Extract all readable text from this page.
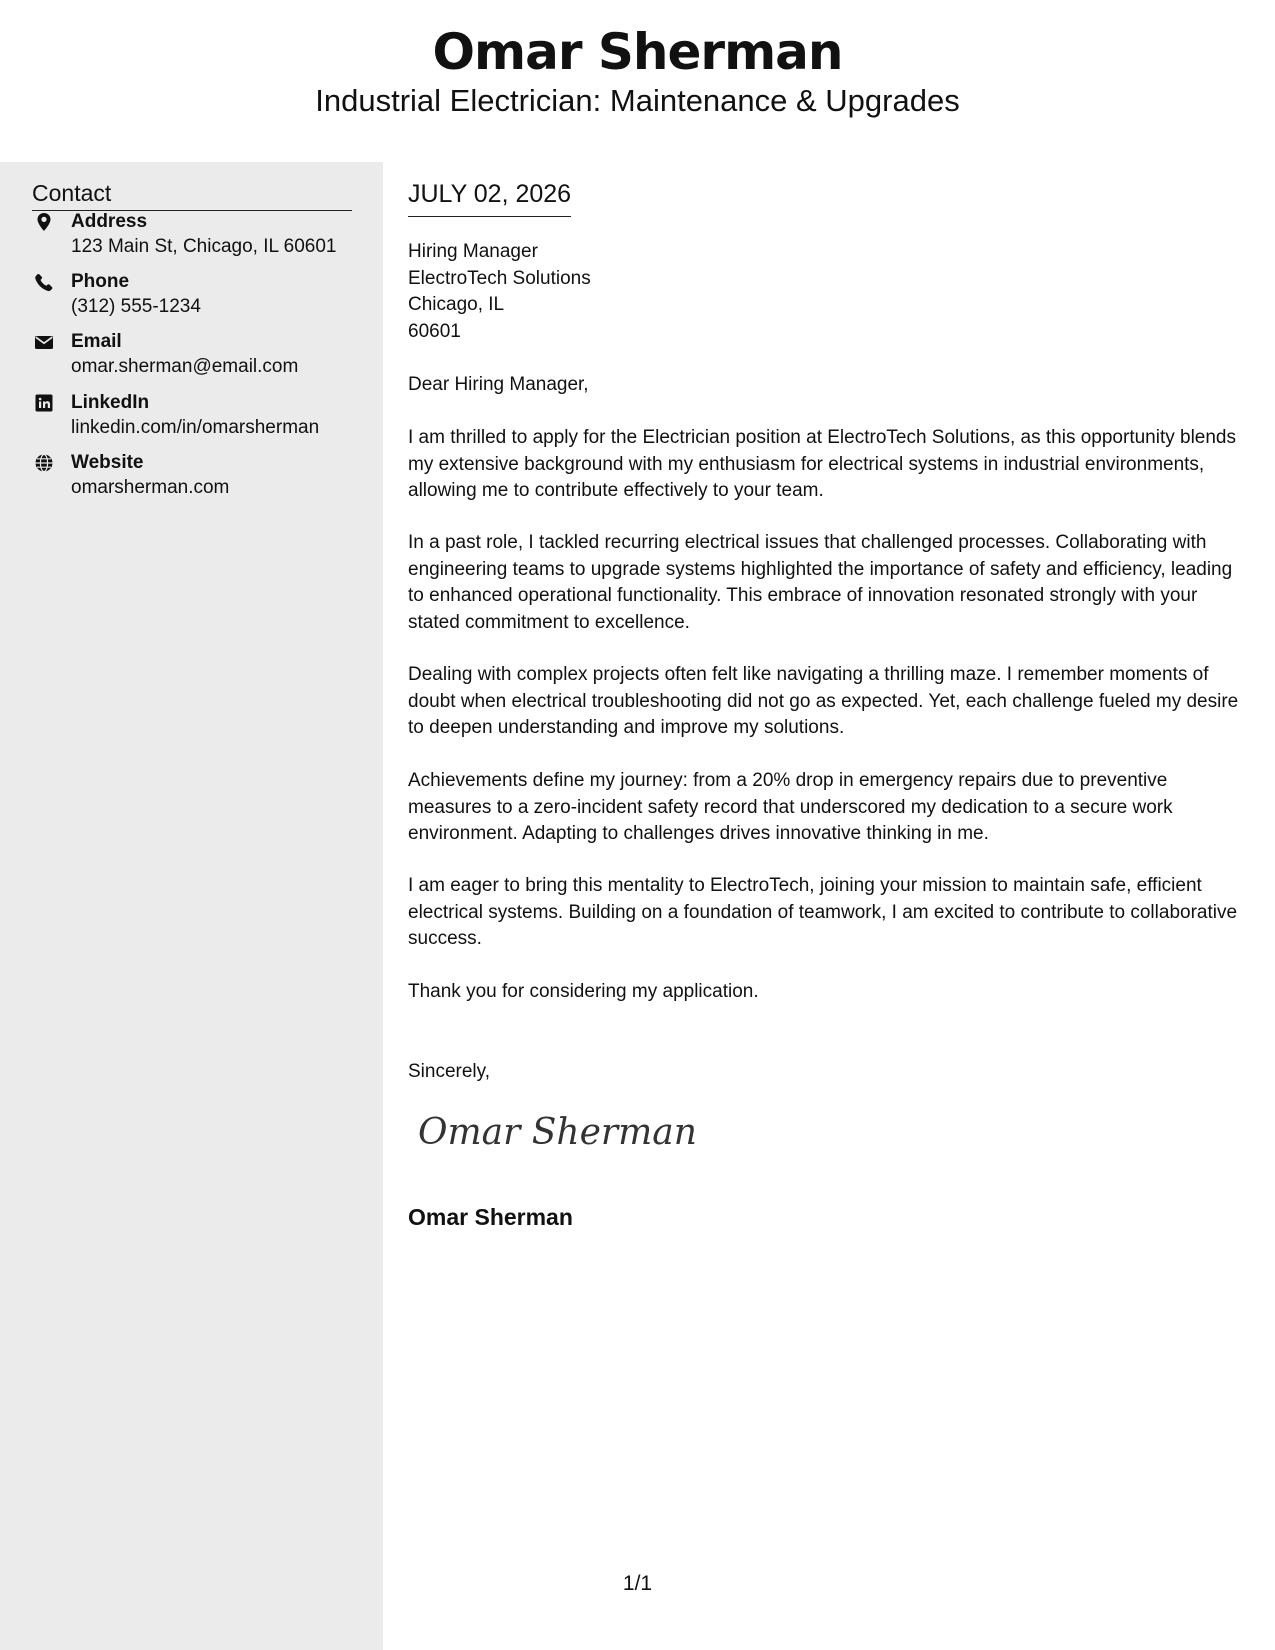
Omar Sherman
Industrial Electrician: Maintenance & Upgrades
Contact
Address
123 Main St, Chicago, IL 60601
Phone
(312) 555-1234
Email
omar.sherman@email.com
LinkedIn
linkedin.com/in/omarsherman
Website
omarsherman.com
JULY 02, 2026
Hiring Manager
ElectroTech Solutions
Chicago, IL
60601
Dear Hiring Manager,
I am thrilled to apply for the Electrician position at ElectroTech Solutions, as this opportunity blends my extensive background with my enthusiasm for electrical systems in industrial environments, allowing me to contribute effectively to your team.
In a past role, I tackled recurring electrical issues that challenged processes. Collaborating with engineering teams to upgrade systems highlighted the importance of safety and efficiency, leading to enhanced operational functionality. This embrace of innovation resonated strongly with your stated commitment to excellence.
Dealing with complex projects often felt like navigating a thrilling maze. I remember moments of doubt when electrical troubleshooting did not go as expected. Yet, each challenge fueled my desire to deepen understanding and improve my solutions.
Achievements define my journey: from a 20% drop in emergency repairs due to preventive measures to a zero-incident safety record that underscored my dedication to a secure work environment. Adapting to challenges drives innovative thinking in me.
I am eager to bring this mentality to ElectroTech, joining your mission to maintain safe, efficient electrical systems. Building on a foundation of teamwork, I am excited to contribute to collaborative success.
Thank you for considering my application.
Sincerely,
Omar Sherman
Omar Sherman
1/1
